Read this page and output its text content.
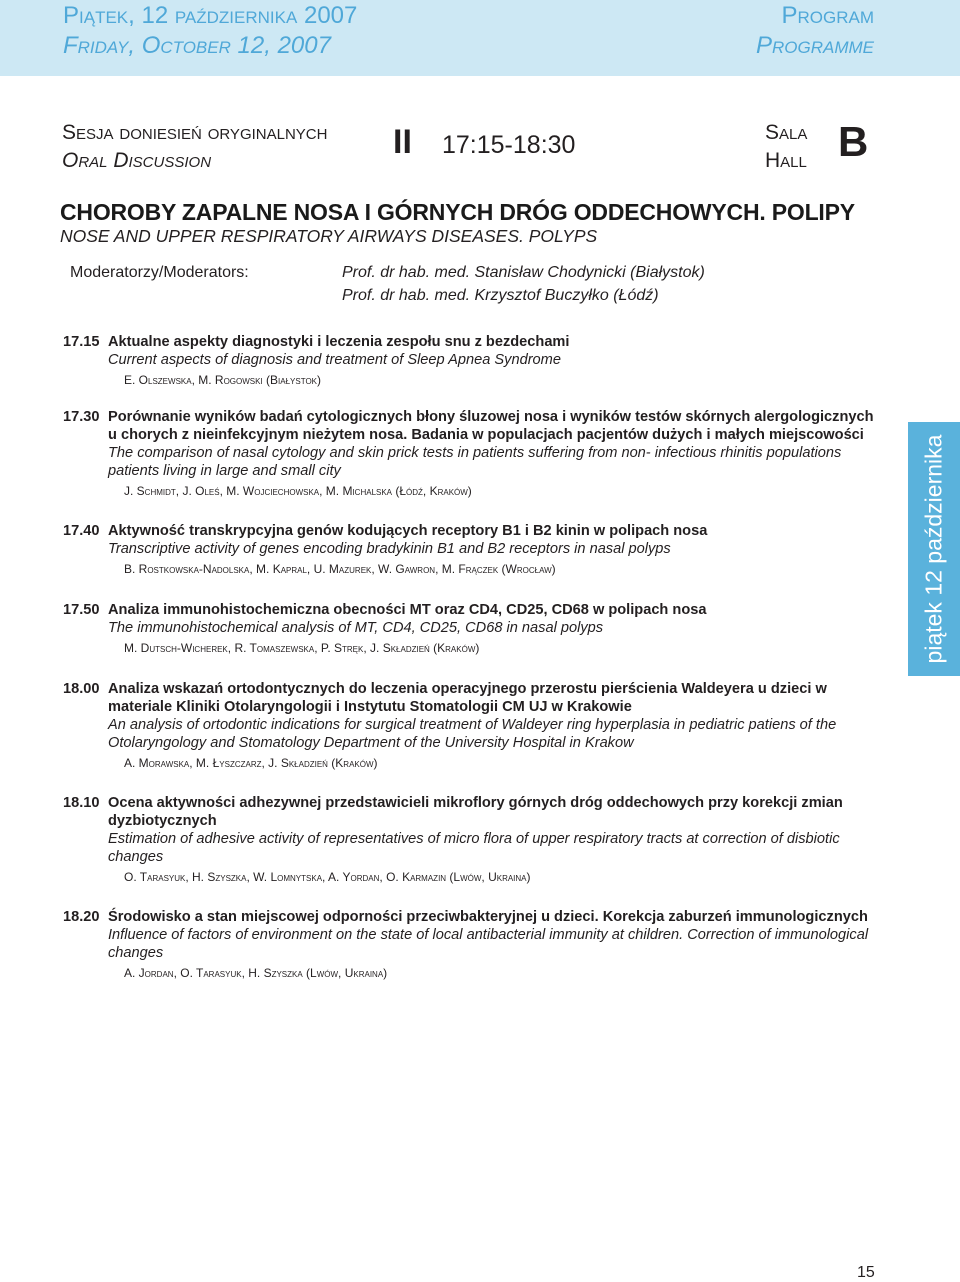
Piątek, 12 października 2007
Friday, October 12, 2007
Program
Programme
Sesja doniesień oryginalnych
Oral Discussion	II 17:15-18:30	Sala
Hall B
CHOROBY ZAPALNE NOSA I GÓRNYCH DRÓG ODDECHOWYCH. POLIPY
NOSE AND UPPER RESPIRATORY AIRWAYS DISEASES. POLYPS
Moderatorzy/Moderators:	Prof. dr hab. med. Stanisław Chodynicki (Białystok)
Prof. dr hab. med. Krzysztof Buczyłko (Łódź)
17.15 Aktualne aspekty diagnostyki i leczenia zespołu snu z bezdechami
Current aspects of diagnosis and treatment of Sleep Apnea Syndrome
E. Olszewska, M. Rogowski (Białystok)
17.30 Porównanie wyników badań cytologicznych błony śluzowej nosa i wyników testów skórnych alergologicznych u chorych z nieinfekcyjnym nieżytem nosa. Badania w populacjach pacjentów dużych i małych miejscowości
The comparison of nasal cytology and skin prick tests in patients suffering from non- infectious rhinitis populations patients living in large and small city
J. Schmidt, J. Oleś, M. Wojciechowska, M. Michalska (Łódź, Kraków)
17.40 Aktywność transkrypcyjna genów kodujących receptory B1 i B2 kinin w polipach nosa
Transcriptive activity of genes encoding bradykinin B1 and B2 receptors in nasal polyps
B. Rostkowska-Nadolska, M. Kapral, U. Mazurek, W. Gawron, M. Frączek (Wrocław)
17.50 Analiza immunohistochemiczna obecności MT oraz CD4, CD25, CD68 w polipach nosa
The immunohistochemical analysis of MT, CD4, CD25, CD68 in nasal polyps
M. Dutsch-Wicherek, R. Tomaszewska, P. Stręk, J. Składzień (Kraków)
18.00 Analiza wskazań ortodontycznych do leczenia operacyjnego przerostu pierścienia Waldeyera u dzieci w materiale Kliniki Otolaryngologii i Instytutu Stomatologii CM UJ w Krakowie
An analysis of ortodontic indications for surgical treatment of Waldeyer ring hyperplasia in pediatric patiens of the Otolaryngology and Stomatology Department of the University Hospital in Krakow
A. Morawska, M. Łyszczarz, J. Składzień (Kraków)
18.10 Ocena aktywności adhezywnej przedstawicieli mikroflory górnych dróg oddechowych przy korekcji zmian dyzbiotycznych
Estimation of adhesive activity of representatives of micro flora of upper respiratory tracts at correction of disbiotic changes
O. Tarasyuk, H. Szyszka, W. Lomnytska, A. Yordan, O. Karmazin (Lwów, Ukraina)
18.20 Środowisko a stan miejscowej odporności przeciwbakteryjnej u dzieci. Korekcja zaburzeń immunologicznych
Influence of factors of environment on the state of local antibacterial immunity at children. Correction of immunological changes
A. Jordan, O. Tarasyuk, H. Szyszka (Lwów, Ukraina)
piątek 12 października
15
